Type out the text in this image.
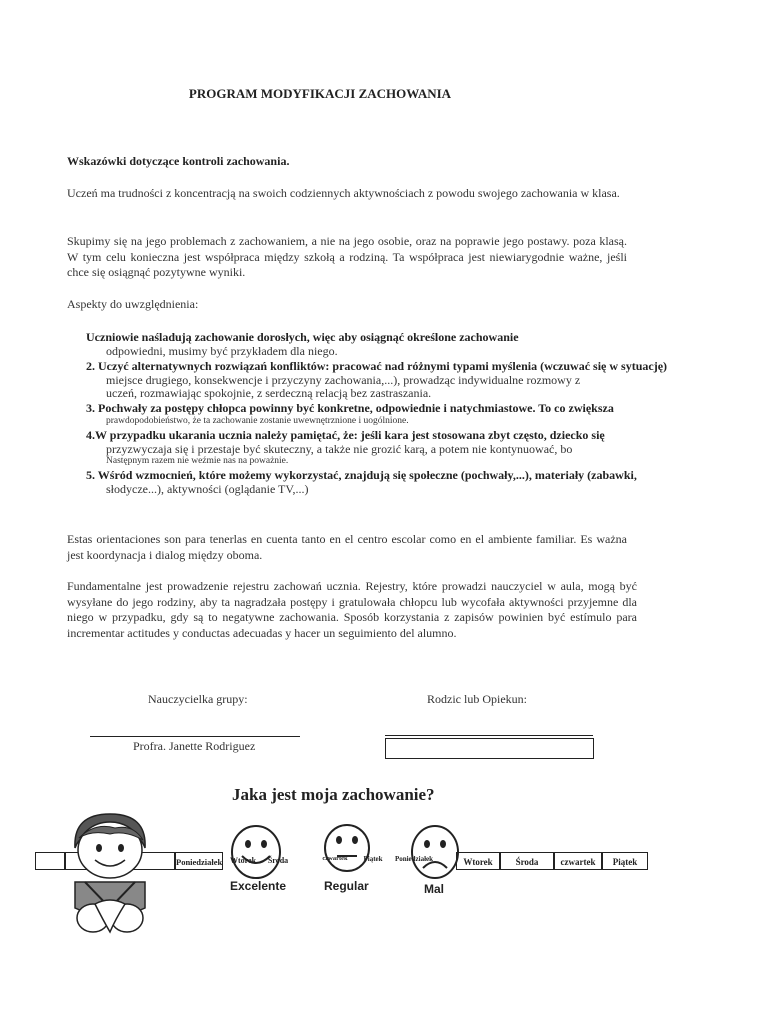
PROGRAM MODYFIKACJI ZACHOWANIA
Wskazówki dotyczące kontroli zachowania.
Uczeń ma trudności z koncentracją na swoich codziennych aktywnościach z powodu swojego zachowania w klasa.
Skupimy się na jego problemach z zachowaniem, a nie na jego osobie, oraz na poprawie jego postawy. poza klasą. W tym celu konieczna jest współpraca między szkołą a rodziną. Ta współpraca jest niewiarygodnie ważne, jeśli chce się osiągnąć pozytywne wyniki.
Aspekty do uwzględnienia:
Uczniowie naśladują zachowanie dorosłych, więc aby osiągnąć określone zachowanie
odpowiedni, musimy być przykładem dla niego.
2. Uczyć alternatywnych rozwiązań konfliktów: pracować nad różnymi typami myślenia (wczuwać się w sytuację)
miejsce drugiego, konsekwencje i przyczyny zachowania,...), prowadząc indywidualne rozmowy z uczeń, rozmawiając spokojnie, z serdeczną relacją bez zastraszania.
3. Pochwały za postępy chłopca powinny być konkretne, odpowiednie i natychmiastowe. To co zwiększa
prawdopodobieństwo, że ta zachowanie zostanie uwewnętrznione i uogólnione.
4.W przypadku ukarania ucznia należy pamiętać, że: jeśli kara jest stosowana zbyt często, dziecko się
przyzwyczaja się i przestaje być skuteczny, a także nie grozić karą, a potem nie kontynuować, bo
Następnym razem nie weźmie nas na poważnie.
5. Wśród wzmocnień, które możemy wykorzystać, znajdują się społeczne (pochwały,...), materiały (zabawki,
słodycze...), aktywności (oglądanie TV,...)
Estas orientaciones son para tenerlas en cuenta tanto en el centro escolar como en el ambiente familiar. Es ważna jest koordynacja i dialog między oboma.
Fundamentalne jest prowadzenie rejestru zachowań ucznia. Rejestry, które prowadzi nauczyciel w aula, mogą być wysyłane do jego rodziny, aby ta nagradzała postępy i gratulowała chłopcu lub wycofała aktywności przyjemne dla niego w przypadku, gdy są to negatywne zachowania. Sposób korzystania z zapisów powinien być estímulo para incrementar actitudes y conductas adecuadas y hacer un seguimiento del alumno.
Nauczycielka grupy:	Rodzic lub Opiekun:
Profra. Janette Rodriguez
Jaka jest moja zachowanie?
Poniedziałek Wtorek	Środa	czwartek	Piątek	Poniedziałek	Wtorek	Środa	czwartek	Piątek
Excelente	Regular	Mal
